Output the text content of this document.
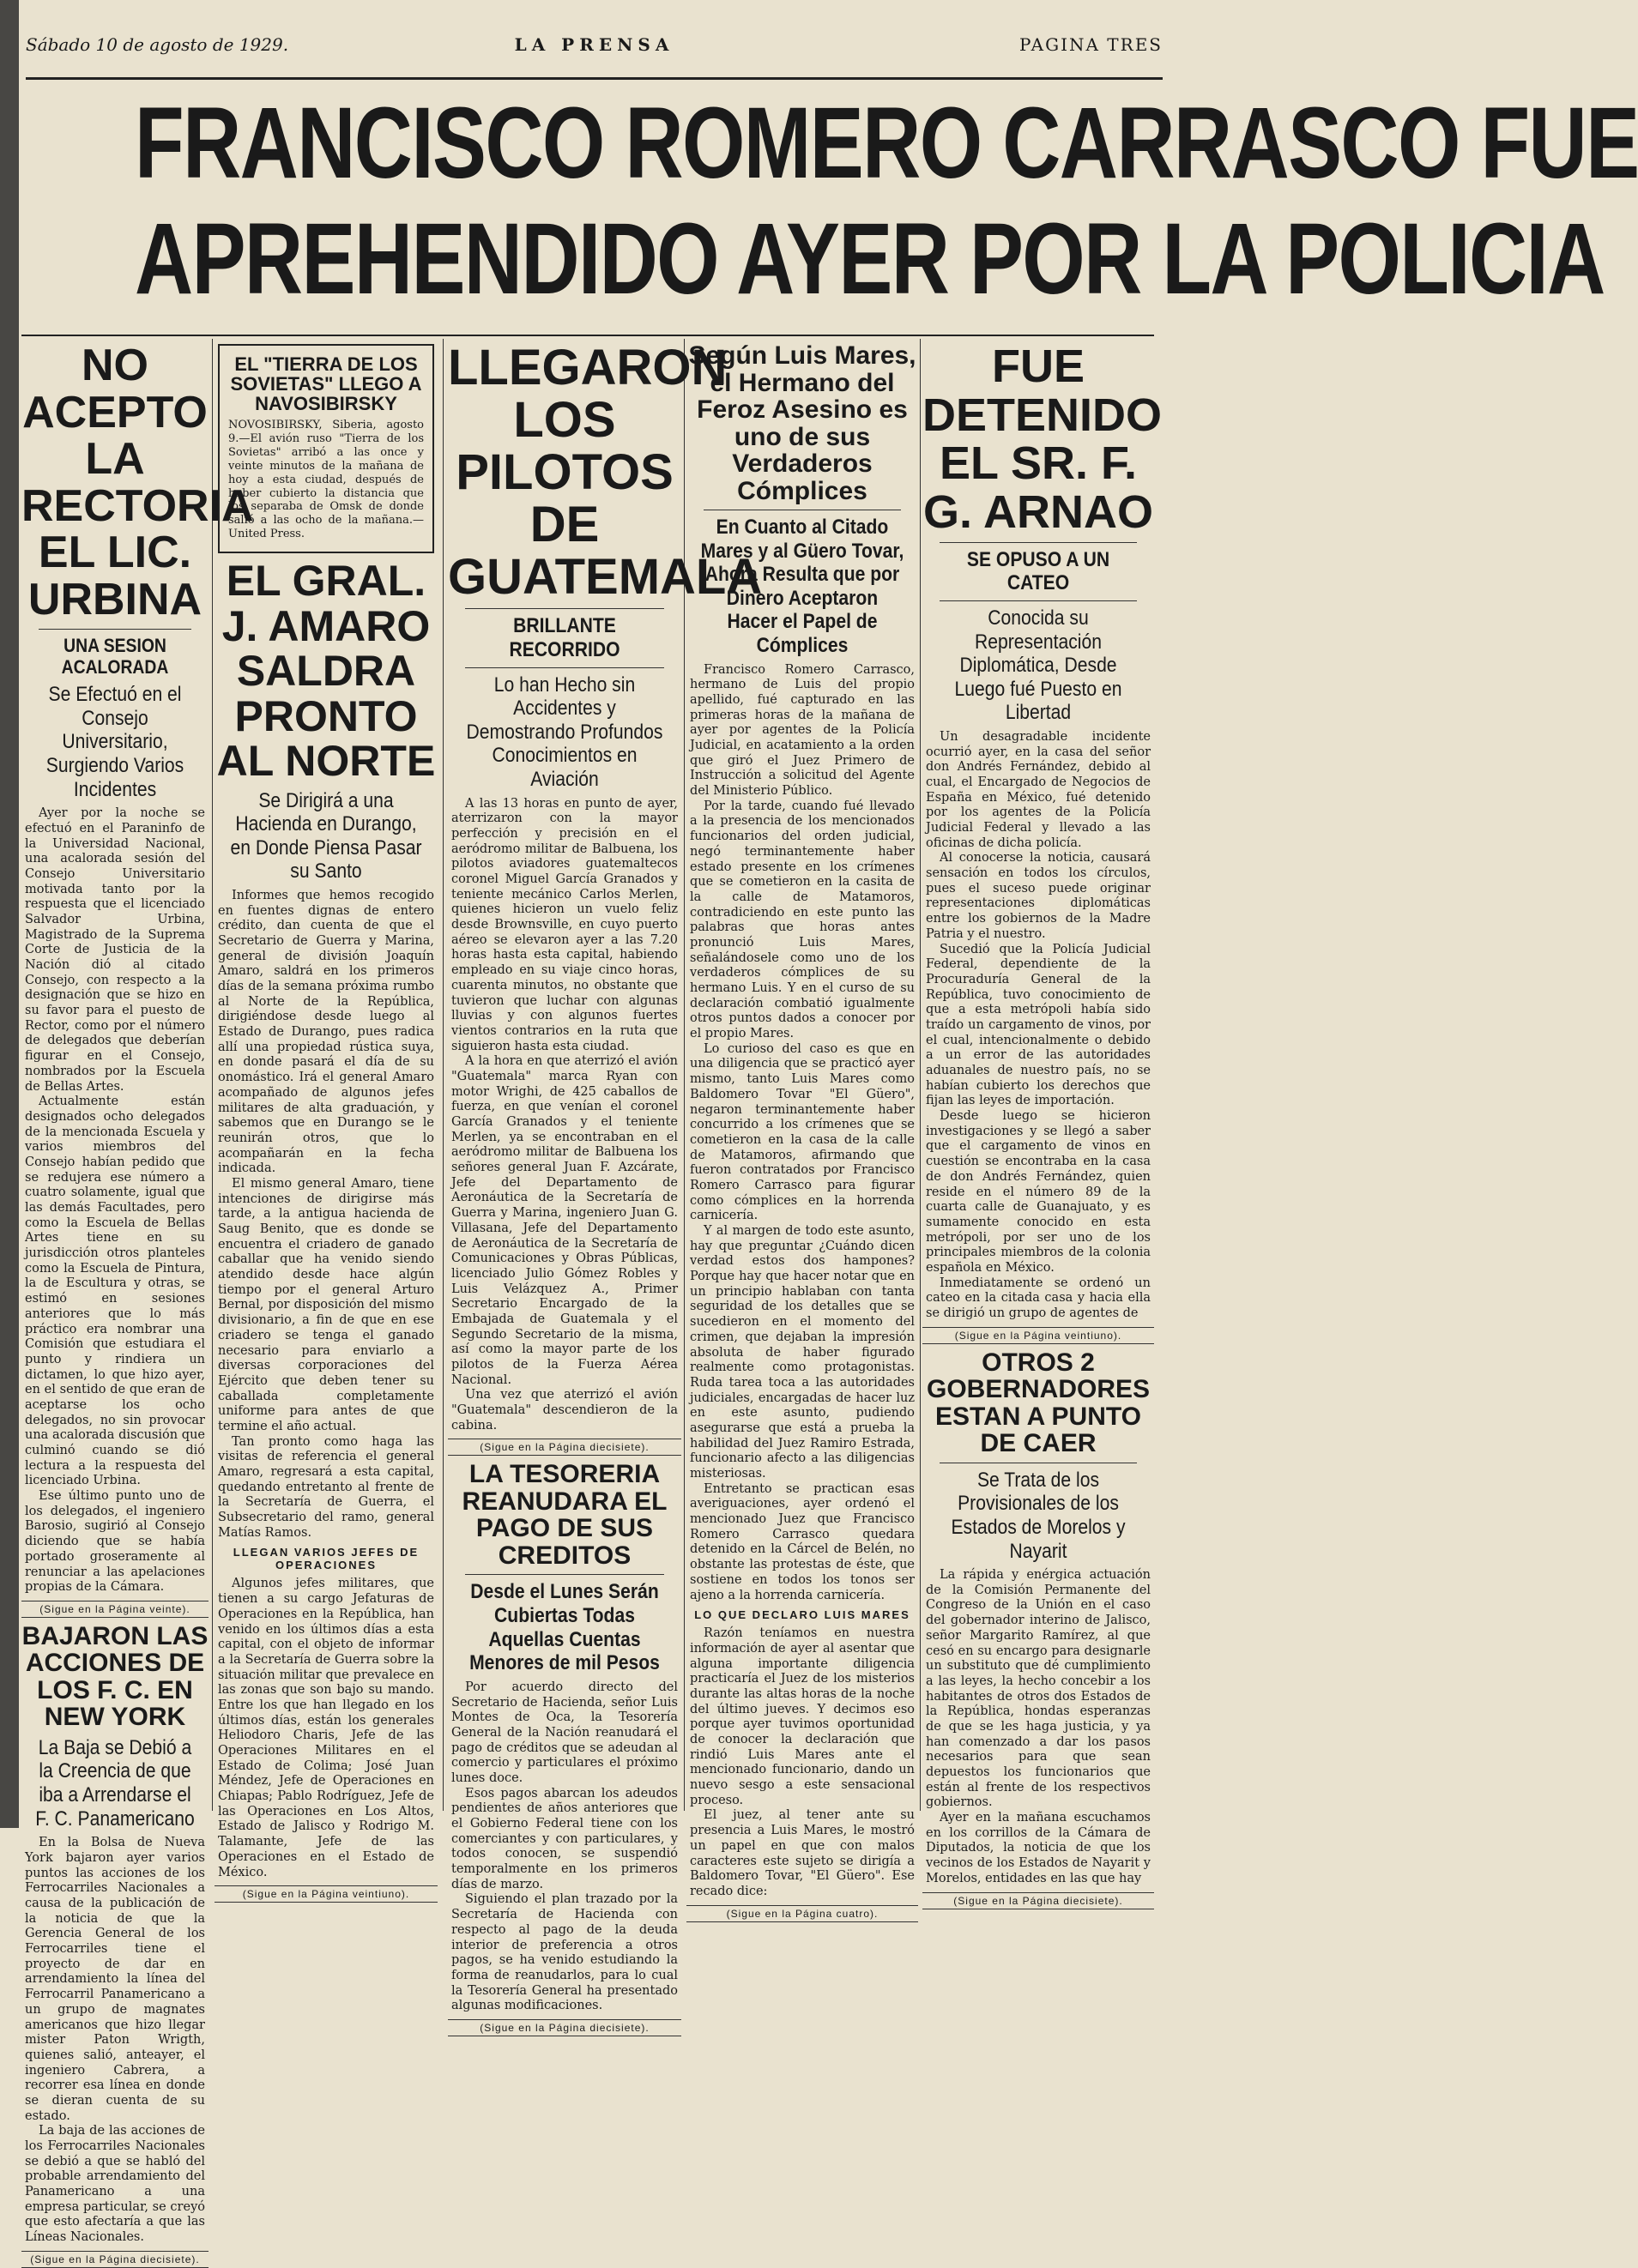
Sábado 10 de agosto de 1929.	LA PRENSA	PAGINA TRES
FRANCISCO ROMERO CARRASCO FUE
APREHENDIDO AYER POR LA POLICIA
NO ACEPTO LA RECTORIA EL LIC. URBINA
UNA SESION ACALORADA
Se Efectuó en el Consejo Universitario, Surgiendo Varios Incidentes

Ayer por la noche se efectuó en el Paraninfo de la Universidad Nacional, una acalorada sesión del Consejo Universitario motivada tanto por la respuesta que el licenciado Salvador Urbina, Magistrado de la Suprema Corte de Justicia de la Nación dió al citado Consejo, con respecto a la designación que se hizo en su favor para el puesto de Rector, como por el número de delegados que deberían figurar en el Consejo, nombrados por la Escuela de Bellas Artes.

Actualmente están designados ocho delegados de la mencionada Escuela y varios miembros del Consejo habían pedido que se redujera ese número a cuatro solamente, igual que las demás Facultades, pero como la Escuela de Bellas Artes tiene en su jurisdicción otros planteles como la Escuela de Pintura, la de Escultura y otras, se estimó en sesiones anteriores que lo más práctico era nombrar una Comisión que estudiara el punto y rindiera un dictamen, lo que hizo ayer, en el sentido de que eran de aceptarse los ocho delegados, no sin provocar una acalorada discusión que culminó cuando se dió lectura a la respuesta del licenciado Urbina.

Ese último punto uno de los delegados, el ingeniero Barosio, sugirió al Consejo diciendo que se había portado groseramente al renunciar a las apelaciones propias de la Cámara.

(Sigue en la Página veinte).
BAJARON LAS ACCIONES DE LOS F. C. EN NEW YORK
La Baja se Debió a la Creencia de que iba a Arrendarse el F. C. Panamericano

En la Bolsa de Nueva York bajaron ayer varios puntos las acciones de los Ferrocarriles Nacionales a causa de la publicación de la noticia de que la Gerencia General de los Ferrocarriles tiene el proyecto de dar en arrendamiento la línea del Ferrocarril Panamericano a un grupo de magnates americanos que hizo llegar mister Paton Wrigth, quienes salió, anteayer, el ingeniero Cabrera, a recorrer esa línea en donde se dieran cuenta de su estado.

La baja de las acciones de los Ferrocarriles Nacionales se debió a que se habló del probable arrendamiento del Panamericano a una empresa particular, se creyó que esto afectaría a que las Líneas Nacionales.

(Sigue en la Página diecisiete).
EL "TIERRA DE LOS SOVIETAS" LLEGO A NAVOSIBIRSKY
NOVOSIBIRSKY, Siberia, agosto 9.—El avión ruso "Tierra de los Sovietas" arribó a las once y veinte minutos de la mañana de hoy a esta ciudad, después de haber cubierto la distancia que los separaba de Omsk de donde salió a las ocho de la mañana.— United Press.
EL GRAL. J. AMARO SALDRA PRONTO AL NORTE
Se Dirigirá a una Hacienda en Durango, en Donde Piensa Pasar su Santo

Informes que hemos recogido en fuentes dignas de entero crédito, dan cuenta de que el Secretario de Guerra y Marina, general de división Joaquín Amaro, saldrá en los primeros días de la semana próxima rumbo al Norte de la República, dirigiéndose desde luego al Estado de Durango, pues radica allí una propiedad rústica suya, en donde pasará el día de su onomástico. Irá el general Amaro acompañado de algunos jefes militares de alta graduación, y sabemos que en Durango se le reunirán otros, que lo acompañarán en la fecha indicada.

El mismo general Amaro, tiene intenciones de dirigirse más tarde, a la antigua hacienda de Saug Benito, que es donde se encuentra el criadero de ganado caballar que ha venido siendo atendido desde hace algún tiempo por el general Arturo Bernal, por disposición del mismo divisionario, a fin de que en ese criadero se tenga el ganado necesario para enviarlo a diversas corporaciones del Ejército que deben tener su caballada completamente uniforme para antes de que termine el año actual.

Tan pronto como haga las visitas de referencia el general Amaro, regresará a esta capital, quedando entretanto al frente de la Secretaría de Guerra, el Subsecretario del ramo, general Matías Ramos.

LLEGAN VARIOS JEFES DE OPERACIONES

Algunos jefes militares, que tienen a su cargo Jefaturas de Operaciones en la República, han venido en los últimos días a esta capital, con el objeto de informar a la Secretaría de Guerra sobre la situación militar que prevalece en las zonas que son bajo su mando. Entre los que han llegado en los últimos días, están los generales Heliodoro Charis, Jefe de las Operaciones Militares en el Estado de Colima; José Juan Méndez, Jefe de Operaciones en Chiapas; Pablo Rodríguez, Jefe de las Operaciones en Los Altos, Estado de Jalisco y Rodrigo M. Talamante, Jefe de las Operaciones en el Estado de México.

(Sigue en la Página veintiuno).
LLEGARON LOS PILOTOS DE GUATEMALA
BRILLANTE RECORRIDO
Lo han Hecho sin Accidentes y Demostrando Profundos Conocimientos en Aviación

A las 13 horas en punto de ayer, aterrizaron con la mayor perfección y precisión en el aeródromo militar de Balbuena, los pilotos aviadores guatemaltecos coronel Miguel García Granados y teniente mecánico Carlos Merlen, quienes hicieron un vuelo feliz desde Brownsville, en cuyo puerto aéreo se elevaron ayer a las 7.20 horas hasta esta capital, habiendo empleado en su viaje cinco horas, cuarenta minutos, no obstante que tuvieron que luchar con algunas lluvias y con algunos fuertes vientos contrarios en la ruta que siguieron hasta esta ciudad.

A la hora en que aterrizó el avión "Guatemala" marca Ryan con motor Wrighi, de 425 caballos de fuerza, en que venían el coronel García Granados y el teniente Merlen, ya se encontraban en el aeródromo militar de Balbuena los señores general Juan F. Azcárate, Jefe del Departamento de Aeronáutica de la Secretaría de Guerra y Marina, ingeniero Juan G. Villasana, Jefe del Departamento de Aeronáutica de la Secretaría de Comunicaciones y Obras Públicas, licenciado Julio Gómez Robles y Luis Velázquez A., Primer Secretario Encargado de la Embajada de Guatemala y el Segundo Secretario de la misma, así como la mayor parte de los pilotos de la Fuerza Aérea Nacional.

Una vez que aterrizó el avión "Guatemala" descendieron de la cabina.

(Sigue en la Página diecisiete).
LA TESORERIA REANUDARA EL PAGO DE SUS CREDITOS
Desde el Lunes Serán Cubiertas Todas Aquellas Cuentas Menores de mil Pesos

Por acuerdo directo del Secretario de Hacienda, señor Luis Montes de Oca, la Tesorería General de la Nación reanudará el pago de créditos que se adeudan al comercio y particulares el próximo lunes doce.

Esos pagos abarcan los adeudos pendientes de años anteriores que el Gobierno Federal tiene con los comerciantes y con particulares, y todos conocen, se suspendió temporalmente en los primeros días de marzo.

Siguiendo el plan trazado por la Secretaría de Hacienda con respecto al pago de la deuda interior de preferencia a otros pagos, se ha venido estudiando la forma de reanudarlos, para lo cual la Tesorería General ha presentado algunas modificaciones.

(Sigue en la Página diecisiete).
Según Luis Mares, el Hermano del Feroz Asesino es uno de sus Verdaderos Cómplices
En Cuanto al Citado Mares y al Güero Tovar, Ahora Resulta que por Dinero Aceptaron Hacer el Papel de Cómplices

Francisco Romero Carrasco, hermano de Luis del propio apellido, fué capturado en las primeras horas de la mañana de ayer por agentes de la Policía Judicial, en acatamiento a la orden que giró el Juez Primero de Instrucción a solicitud del Agente del Ministerio Público.

Por la tarde, cuando fué llevado a la presencia de los mencionados funcionarios del orden judicial, negó terminantemente haber estado presente en los crímenes que se cometieron en la casita de la calle de Matamoros, contradiciendo en este punto las palabras que horas antes pronunció Luis Mares, señalándosele como uno de los verdaderos cómplices de su hermano Luis. Y en el curso de su declaración combatió igualmente otros puntos dados a conocer por el propio Mares.

Lo curioso del caso es que en una diligencia que se practicó ayer mismo, tanto Luis Mares como Baldomero Tovar "El Güero", negaron terminantemente haber concurrido a los crímenes que se cometieron en la casa de la calle de Matamoros, afirmando que fueron contratados por Francisco Romero Carrasco para figurar como cómplices en la horrenda carnicería.

Y al margen de todo este asunto, hay que preguntar ¿Cuándo dicen verdad estos dos hampones? Porque hay que hacer notar que en un principio hablaban con tanta seguridad de los detalles que se sucedieron en el momento del crimen, que dejaban la impresión absoluta de haber figurado realmente como protagonistas. Ruda tarea toca a las autoridades judiciales, encargadas de hacer luz en este asunto, pudiendo asegurarse que está a prueba la habilidad del Juez Ramiro Estrada, funcionario afecto a las diligencias misteriosas.

Entretanto se practican esas averiguaciones, ayer ordenó el mencionado Juez que Francisco Romero Carrasco quedara detenido en la Cárcel de Belén, no obstante las protestas de éste, que sostiene en todos los tonos ser ajeno a la horrenda carnicería.

LO QUE DECLARO LUIS MARES

Razón teníamos en nuestra información de ayer al asentar que alguna importante diligencia practicaría el Juez de los misterios durante las altas horas de la noche del último jueves. Y decimos eso porque ayer tuvimos oportunidad de conocer la declaración que rindió Luis Mares ante el mencionado funcionario, dando un nuevo sesgo a este sensacional proceso.

El juez, al tener ante su presencia a Luis Mares, le mostró un papel en que con malos caracteres este sujeto se dirigía a Baldomero Tovar, "El Güero". Ese recado dice:

(Sigue en la Página cuatro).
FUE DETENIDO EL SR. F. G. ARNAO
SE OPUSO A UN CATEO
Conocida su Representación Diplomática, Desde Luego fué Puesto en Libertad

Un desagradable incidente ocurrió ayer, en la casa del señor don Andrés Fernández, debido al cual, el Encargado de Negocios de España en México, fué detenido por los agentes de la Policía Judicial Federal y llevado a las oficinas de dicha policía.

Al conocerse la noticia, causará sensación en todos los círculos, pues el suceso puede originar representaciones diplomáticas entre los gobiernos de la Madre Patria y el nuestro.

Sucedió que la Policía Judicial Federal, dependiente de la Procuraduría General de la República, tuvo conocimiento de que a esta metrópoli había sido traído un cargamento de vinos, por el cual, intencionalmente o debido a un error de las autoridades aduanales de nuestro país, no se habían cubierto los derechos que fijan las leyes de importación.

Desde luego se hicieron investigaciones y se llegó a saber que el cargamento de vinos en cuestión se encontraba en la casa de don Andrés Fernández, quien reside en el número 89 de la cuarta calle de Guanajuato, y es sumamente conocido en esta metrópoli, por ser uno de los principales miembros de la colonia española en México.

Inmediatamente se ordenó un cateo en la citada casa y hacia ella se dirigió un grupo de agentes de

(Sigue en la Página veintiuno).
OTROS 2 GOBERNADORES ESTAN A PUNTO DE CAER
Se Trata de los Provisionales de los Estados de Morelos y Nayarit

La rápida y enérgica actuación de la Comisión Permanente del Congreso de la Unión en el caso del gobernador interino de Jalisco, señor Margarito Ramírez, al que cesó en su encargo para designarle un substituto que dé cumplimiento a las leyes, la hecho concebir a los habitantes de otros dos Estados de la República, hondas esperanzas de que se les haga justicia, y ya han comenzado a dar los pasos necesarios para que sean depuestos los funcionarios que están al frente de los respectivos gobiernos.

Ayer en la mañana escuchamos en los corrillos de la Cámara de Diputados, la noticia de que los vecinos de los Estados de Nayarit y Morelos, entidades en las que hay

(Sigue en la Página diecisiete).
